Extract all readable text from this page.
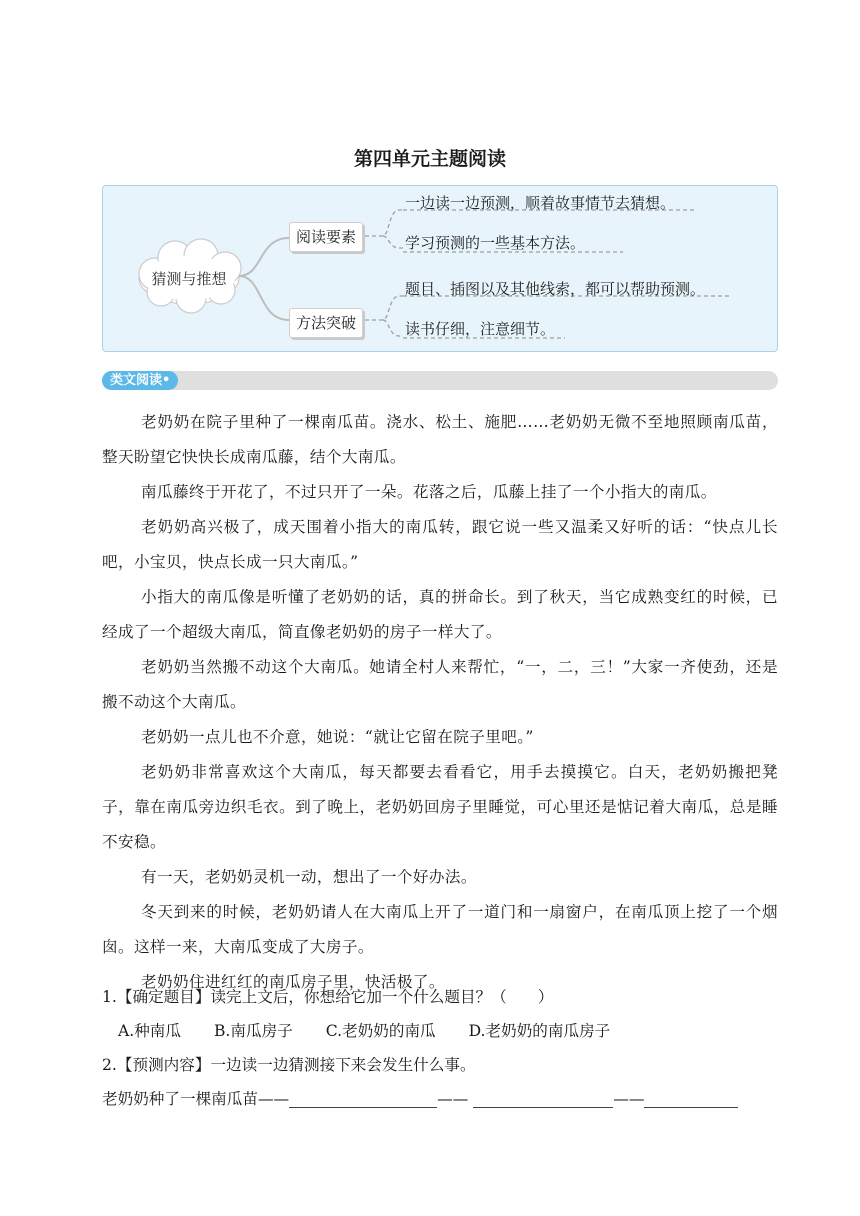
第四单元主题阅读
猜测与推想
阅读要素
方法突破
一边读一边预测，顺着故事情节去猜想。
学习预测的一些基本方法。
题目、插图以及其他线索，都可以帮助预测。
读书仔细，注意细节。
类文阅读•

老奶奶在院子里种了一棵南瓜苗。浇水、松土、施肥……老奶奶无微不至地照顾南瓜苗，整天盼望它快快长成南瓜藤，结个大南瓜。

南瓜藤终于开花了，不过只开了一朵。花落之后，瓜藤上挂了一个小指大的南瓜。

老奶奶高兴极了，成天围着小指大的南瓜转，跟它说一些又温柔又好听的话：“快点儿长吧，小宝贝，快点长成一只大南瓜。”

小指大的南瓜像是听懂了老奶奶的话，真的拼命长。到了秋天，当它成熟变红的时候，已经成了一个超级大南瓜，简直像老奶奶的房子一样大了。

老奶奶当然搬不动这个大南瓜。她请全村人来帮忙，“一，二，三！”大家一齐使劲，还是搬不动这个大南瓜。

老奶奶一点儿也不介意，她说：“就让它留在院子里吧。”

老奶奶非常喜欢这个大南瓜，每天都要去看看它，用手去摸摸它。白天，老奶奶搬把凳子，靠在南瓜旁边织毛衣。到了晚上，老奶奶回房子里睡觉，可心里还是惦记着大南瓜，总是睡不安稳。

有一天，老奶奶灵机一动，想出了一个好办法。

冬天到来的时候，老奶奶请人在大南瓜上开了一道门和一扇窗户，在南瓜顶上挖了一个烟囱。这样一来，大南瓜变成了大房子。

老奶奶住进红红的南瓜房子里，快活极了。

1.【确定题目】读完上文后，你想给它加一个什么题目？（　　）
A.种南瓜 B.南瓜房子 C.老奶奶的南瓜 D.老奶奶的南瓜房子
2.【预测内容】一边读一边猜测接下来会发生什么事。
老奶奶种了一棵南瓜苗——	——	——
